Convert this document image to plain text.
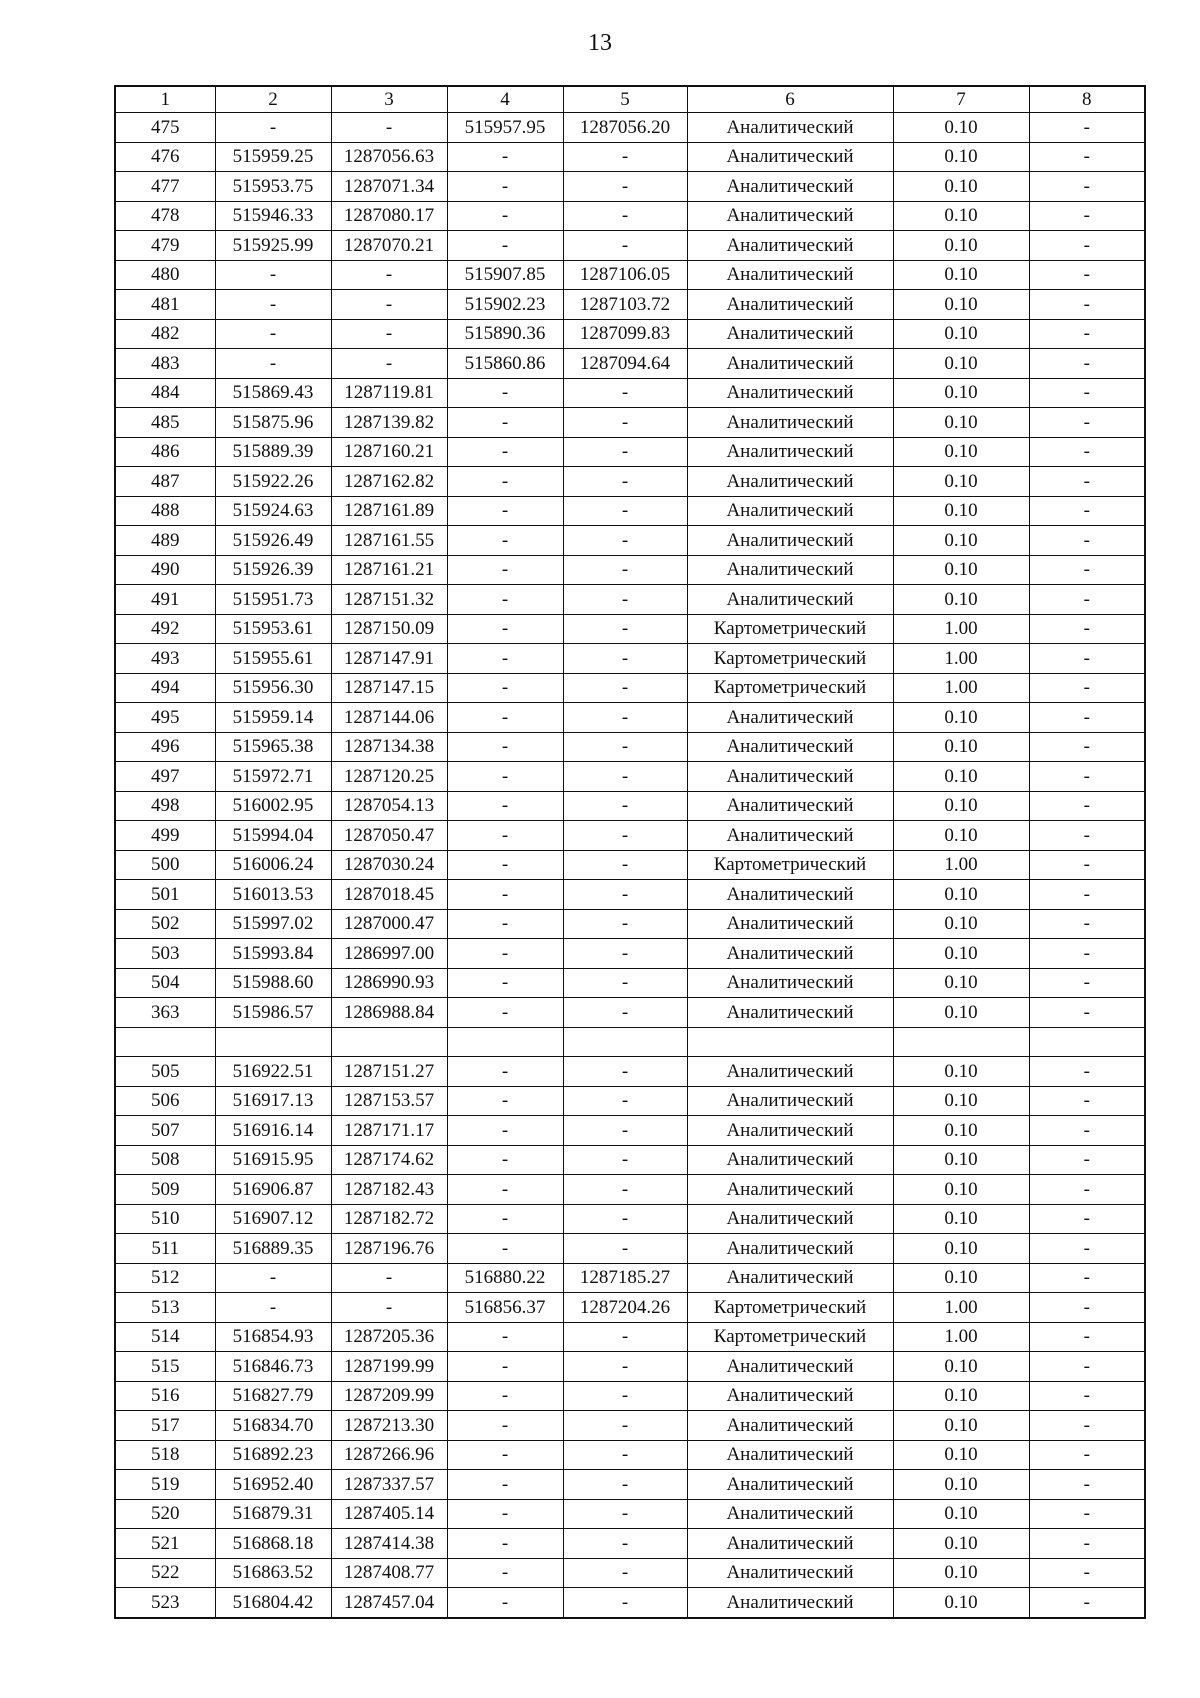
13
1	2	3	4	5	6	7	8
475	-	-	515957.95	1287056.20	Аналитический	0.10	-
476	515959.25	1287056.63	-	-	Аналитический	0.10	-
477	515953.75	1287071.34	-	-	Аналитический	0.10	-
478	515946.33	1287080.17	-	-	Аналитический	0.10	-
479	515925.99	1287070.21	-	-	Аналитический	0.10	-
480	-	-	515907.85	1287106.05	Аналитический	0.10	-
481	-	-	515902.23	1287103.72	Аналитический	0.10	-
482	-	-	515890.36	1287099.83	Аналитический	0.10	-
483	-	-	515860.86	1287094.64	Аналитический	0.10	-
484	515869.43	1287119.81	-	-	Аналитический	0.10	-
485	515875.96	1287139.82	-	-	Аналитический	0.10	-
486	515889.39	1287160.21	-	-	Аналитический	0.10	-
487	515922.26	1287162.82	-	-	Аналитический	0.10	-
488	515924.63	1287161.89	-	-	Аналитический	0.10	-
489	515926.49	1287161.55	-	-	Аналитический	0.10	-
490	515926.39	1287161.21	-	-	Аналитический	0.10	-
491	515951.73	1287151.32	-	-	Аналитический	0.10	-
492	515953.61	1287150.09	-	-	Картометрический	1.00	-
493	515955.61	1287147.91	-	-	Картометрический	1.00	-
494	515956.30	1287147.15	-	-	Картометрический	1.00	-
495	515959.14	1287144.06	-	-	Аналитический	0.10	-
496	515965.38	1287134.38	-	-	Аналитический	0.10	-
497	515972.71	1287120.25	-	-	Аналитический	0.10	-
498	516002.95	1287054.13	-	-	Аналитический	0.10	-
499	515994.04	1287050.47	-	-	Аналитический	0.10	-
500	516006.24	1287030.24	-	-	Картометрический	1.00	-
501	516013.53	1287018.45	-	-	Аналитический	0.10	-
502	515997.02	1287000.47	-	-	Аналитический	0.10	-
503	515993.84	1286997.00	-	-	Аналитический	0.10	-
504	515988.60	1286990.93	-	-	Аналитический	0.10	-
363	515986.57	1286988.84	-	-	Аналитический	0.10	-

505	516922.51	1287151.27	-	-	Аналитический	0.10	-
506	516917.13	1287153.57	-	-	Аналитический	0.10	-
507	516916.14	1287171.17	-	-	Аналитический	0.10	-
508	516915.95	1287174.62	-	-	Аналитический	0.10	-
509	516906.87	1287182.43	-	-	Аналитический	0.10	-
510	516907.12	1287182.72	-	-	Аналитический	0.10	-
511	516889.35	1287196.76	-	-	Аналитический	0.10	-
512	-	-	516880.22	1287185.27	Аналитический	0.10	-
513	-	-	516856.37	1287204.26	Картометрический	1.00	-
514	516854.93	1287205.36	-	-	Картометрический	1.00	-
515	516846.73	1287199.99	-	-	Аналитический	0.10	-
516	516827.79	1287209.99	-	-	Аналитический	0.10	-
517	516834.70	1287213.30	-	-	Аналитический	0.10	-
518	516892.23	1287266.96	-	-	Аналитический	0.10	-
519	516952.40	1287337.57	-	-	Аналитический	0.10	-
520	516879.31	1287405.14	-	-	Аналитический	0.10	-
521	516868.18	1287414.38	-	-	Аналитический	0.10	-
522	516863.52	1287408.77	-	-	Аналитический	0.10	-
523	516804.42	1287457.04	-	-	Аналитический	0.10	-
